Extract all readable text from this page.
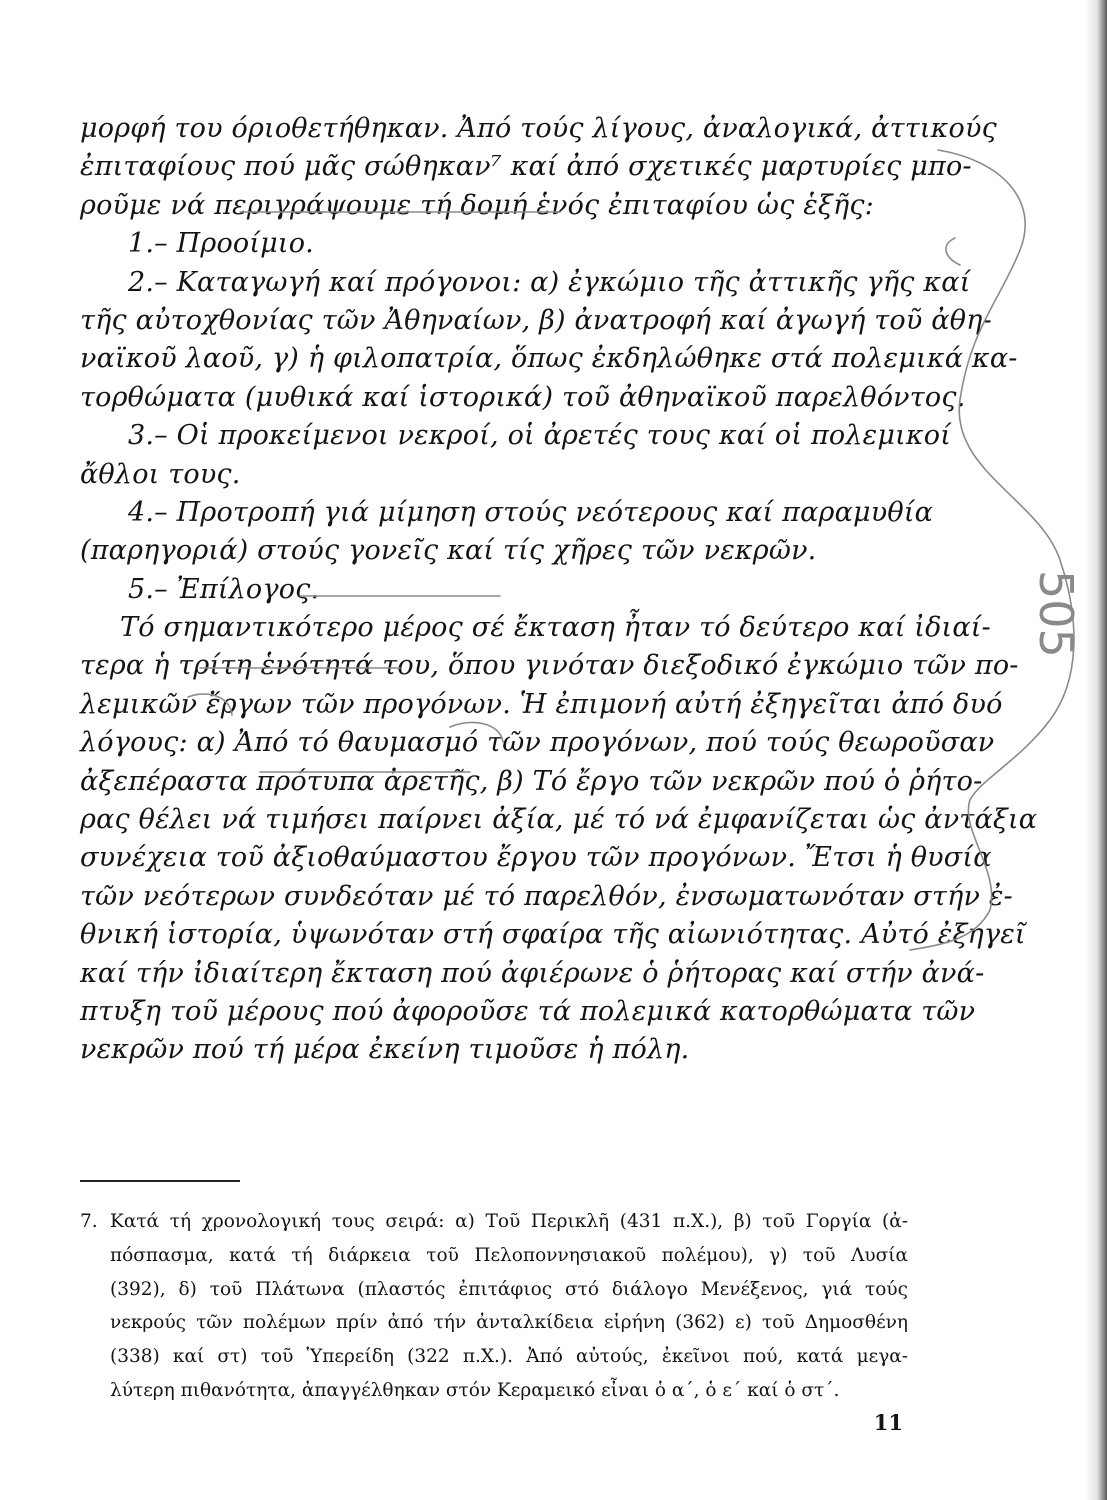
μορφή του όριοθετήθηκαν. Ἀπό τούς λίγους, ἀναλογικά, ἀττικούς
ἐπιταφίους πού μᾶς σώθηκαν⁷ καί ἀπό σχετικές μαρτυρίες μπο-
ροῦμε νά περιγράψουμε τή δομή ἑνός ἐπιταφίου ὡς ἑξῆς:
1.– Προοίμιο.
2.– Καταγωγή καί πρόγονοι: α) ἐγκώμιο τῆς ἀττικῆς γῆς καί
τῆς αὐτοχθονίας τῶν Ἀθηναίων, β) ἀνατροφή καί ἀγωγή τοῦ ἀθη-
ναϊκοῦ λαοῦ, γ) ἡ φιλοπατρία, ὅπως ἐκδηλώθηκε στά πολεμικά κα-
τορθώματα (μυθικά καί ἱστορικά) τοῦ ἀθηναϊκοῦ παρελθόντος.
3.– Οἱ προκείμενοι νεκροί, οἱ ἀρετές τους καί οἱ πολεμικοί
ἄθλοι τους.
4.– Προτροπή γιά μίμηση στούς νεότερους καί παραμυθία
(παρηγοριά) στούς γονεῖς καί τίς χῆρες τῶν νεκρῶν.
5.– Ἐπίλογος.
Τό σημαντικότερο μέρος σέ ἔκταση ἦταν τό δεύτερο καί ἰδιαί-
τερα ἡ τρίτη ἑνότητά του, ὅπου γινόταν διεξοδικό ἐγκώμιο τῶν πο-
λεμικῶν ἔργων τῶν προγόνων. Ἡ ἐπιμονή αὐτή ἐξηγεῖται ἀπό δυό
λόγους: α) Ἀπό τό θαυμασμό τῶν προγόνων, πού τούς θεωροῦσαν
ἀξεπέραστα πρότυπα ἀρετῆς, β) Τό ἔργο τῶν νεκρῶν πού ὁ ῥήτο-
ρας θέλει νά τιμήσει παίρνει ἀξία, μέ τό νά ἐμφανίζεται ὡς ἀντάξια
συνέχεια τοῦ ἀξιοθαύμαστου ἔργου τῶν προγόνων. Ἔτσι ἡ θυσία
τῶν νεότερων συνδεόταν μέ τό παρελθόν, ἐνσωματωνόταν στήν ἐ-
θνική ἱστορία, ὑψωνόταν στή σφαίρα τῆς αἰωνιότητας. Αὐτό ἐξηγεῖ
καί τήν ἰδιαίτερη ἔκταση πού ἀφιέρωνε ὁ ῥήτορας καί στήν ἀνά-
πτυξη τοῦ μέρους πού ἀφοροῦσε τά πολεμικά κατορθώματα τῶν
νεκρῶν πού τή μέρα ἐκείνη τιμοῦσε ἡ πόλη.
7. Κατά τή χρονολογική τους σειρά: α) Τοῦ Περικλῆ (431 π.Χ.), β) τοῦ Γοργία (ἀ-
πόσπασμα, κατά τή διάρκεια τοῦ Πελοποννησιακοῦ πολέμου), γ) τοῦ Λυσία
(392), δ) τοῦ Πλάτωνα (πλαστός ἐπιτάφιος στό διάλογο Μενέξενος, γιά τούς
νεκρούς τῶν πολέμων πρίν ἀπό τήν ἀνταλκίδεια εἰρήνη (362) ε) τοῦ Δημοσθένη
(338) καί στ) τοῦ Ὑπερείδη (322 π.Χ.). Ἀπό αὐτούς, ἐκεῖνοι πού, κατά μεγα-
λύτερη πιθανότητα, ἀπαγγέλθηκαν στόν Κεραμεικό εἶναι ὁ α΄, ὁ ε΄ καί ὁ στ΄.
11
505
